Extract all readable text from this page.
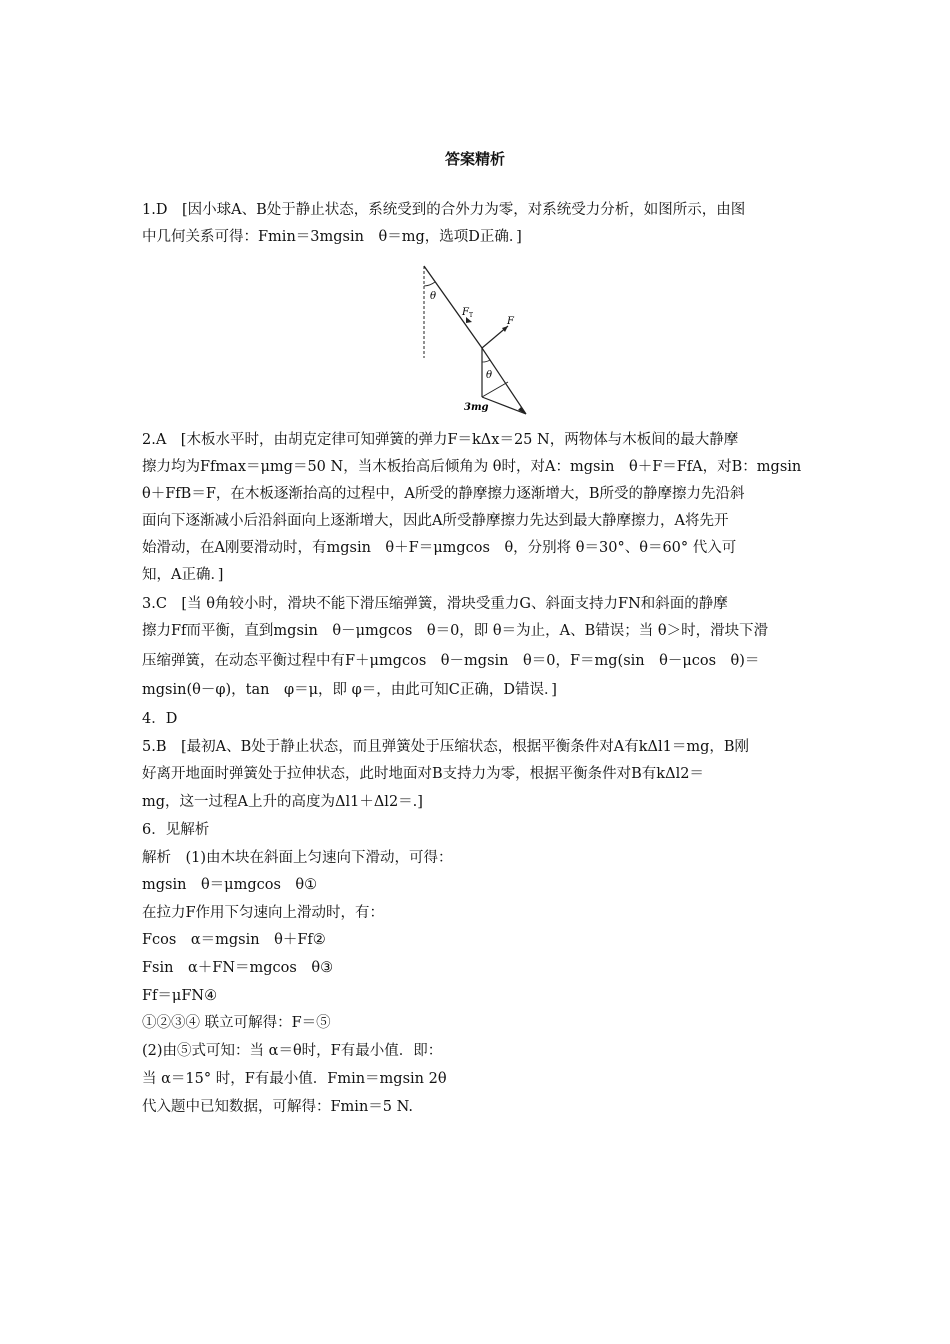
答案精析
1.D　[因小球A、B处于静止状态，系统受到的合外力为零，对系统受力分析，如图所示，由图
中几何关系可得：Fmin＝3mgsin　θ＝mg，选项D正确．]
θ
F T
F
θ
3mg
2.A　[木板水平时，由胡克定律可知弹簧的弹力F＝kΔx＝25 N，两物体与木板间的最大静摩
擦力均为Ffmax＝μmg＝50 N，当木板抬高后倾角为 θ时，对A：mgsin　θ＋F＝FfA，对B：mgsin
θ＋FfB＝F，在木板逐渐抬高的过程中，A所受的静摩擦力逐渐增大，B所受的静摩擦力先沿斜
面向下逐渐减小后沿斜面向上逐渐增大，因此A所受静摩擦力先达到最大静摩擦力，A将先开
始滑动，在A刚要滑动时，有mgsin　θ＋F＝μmgcos　θ，分别将 θ＝30°、θ＝60° 代入可
知，A正确．]
3.C　[当 θ角较小时，滑块不能下滑压缩弹簧，滑块受重力G、斜面支持力FN和斜面的静摩
擦力Ff而平衡，直到mgsin　θ－μmgcos　θ＝0，即 θ＝为止，A、B错误；当 θ＞时，滑块下滑
压缩弹簧，在动态平衡过程中有F＋μmgcos　θ－mgsin　θ＝0，F＝mg(sin　θ－μcos　θ)＝
mgsin(θ－φ)，tan　φ＝μ，即 φ＝，由此可知C正确，D错误．]
4．D
5.B　[最初A、B处于静止状态，而且弹簧处于压缩状态，根据平衡条件对A有kΔl1＝mg，B刚
好离开地面时弹簧处于拉伸状态，此时地面对B支持力为零，根据平衡条件对B有kΔl2＝
mg，这一过程A上升的高度为Δl1＋Δl2＝.]
6．见解析
解析　(1)由木块在斜面上匀速向下滑动，可得：
mgsin　θ＝μmgcos　θ①
在拉力F作用下匀速向上滑动时，有：
Fcos　α＝mgsin　θ＋Ff②
Fsin　α＋FN＝mgcos　θ③
Ff＝μFN④
①②③④ 联立可解得：F＝⑤
(2)由⑤式可知：当 α＝θ时，F有最小值．即：
当 α＝15° 时，F有最小值．Fmin＝mgsin 2θ
代入题中已知数据，可解得：Fmin＝5 N.
